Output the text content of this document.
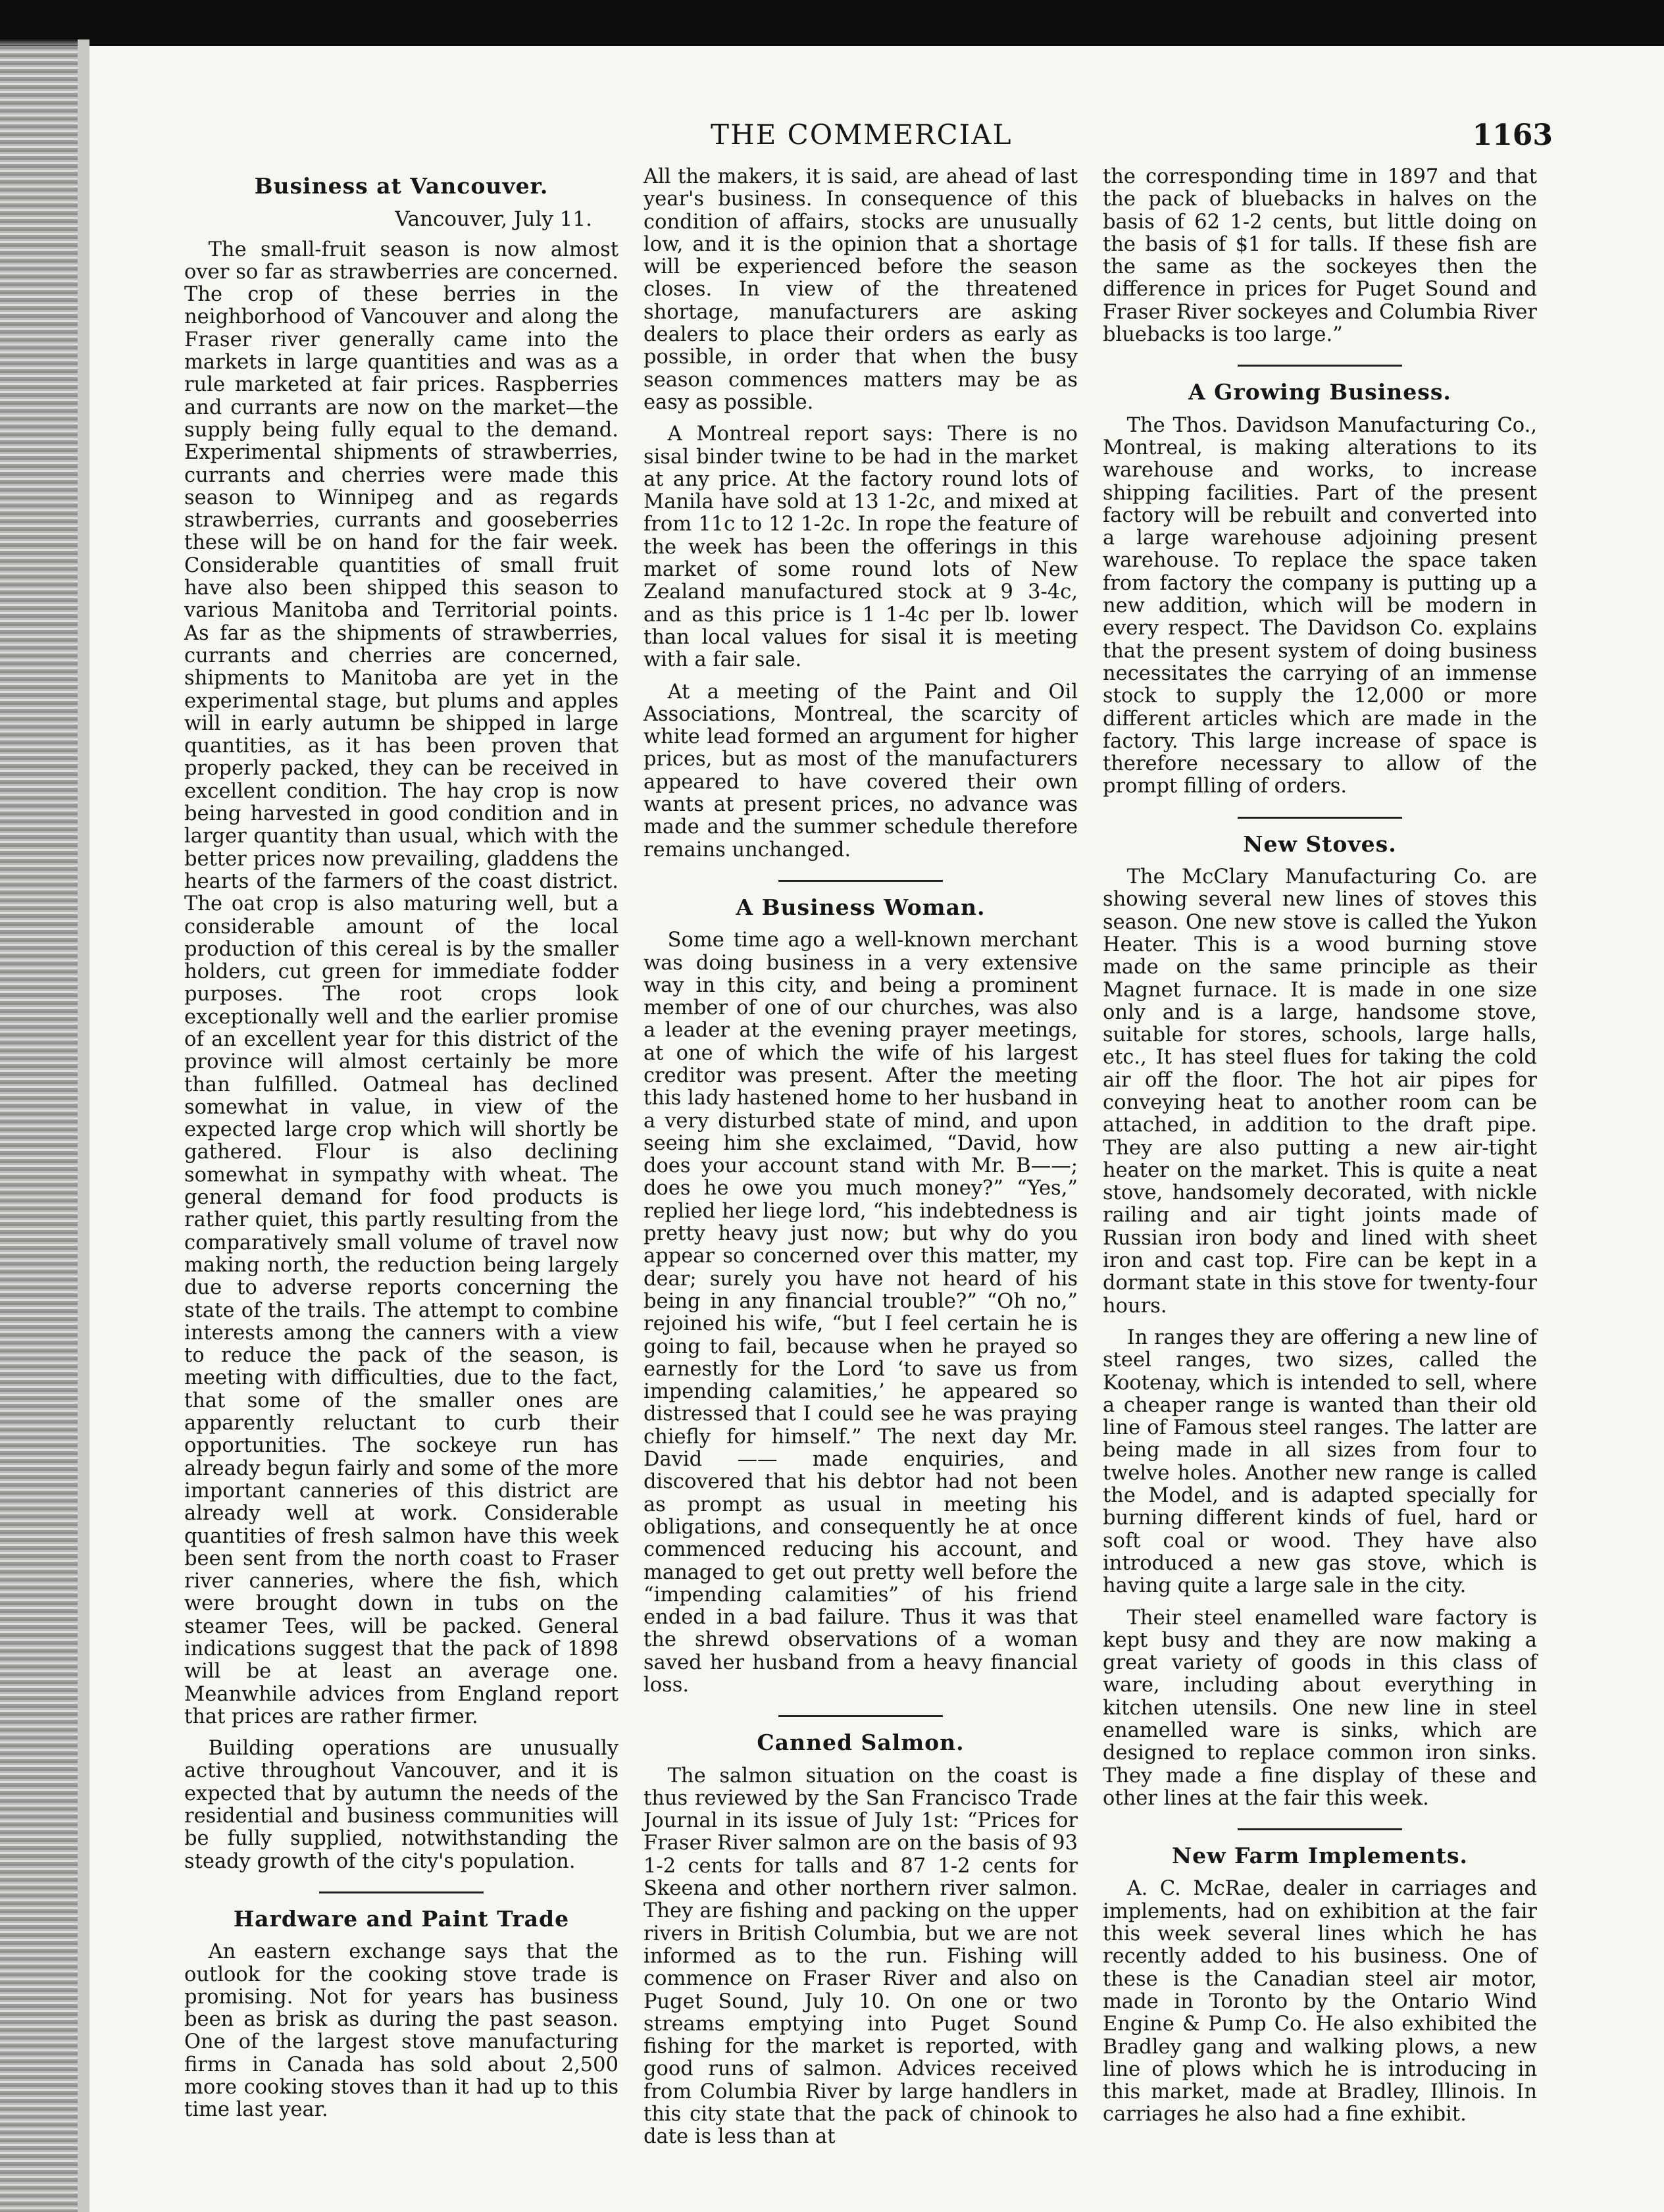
THE COMMERCIAL	1163
Business at Vancouver.
Vancouver, July 11.

The small-fruit season is now almost over so far as strawberries are concerned. The crop of these berries in the neighborhood of Vancouver and along the Fraser river generally came into the markets in large quantities and was as a rule marketed at fair prices. Raspberries and currants are now on the market—the supply being fully equal to the demand. Experimental shipments of strawberries, currants and cherries were made this season to Winnipeg and as regards strawberries, currants and gooseberries these will be on hand for the fair week. Considerable quantities of small fruit have also been shipped this season to various Manitoba and Territorial points. As far as the shipments of strawberries, currants and cherries are concerned, shipments to Manitoba are yet in the experimental stage, but plums and apples will in early autumn be shipped in large quantities, as it has been proven that properly packed, they can be received in excellent condition. The hay crop is now being harvested in good condition and in larger quantity than usual, which with the better prices now prevailing, gladdens the hearts of the farmers of the coast district. The oat crop is also maturing well, but a considerable amount of the local production of this cereal is by the smaller holders, cut green for immediate fodder purposes. The root crops look exceptionally well and the earlier promise of an excellent year for this district of the province will almost certainly be more than fulfilled. Oatmeal has declined somewhat in value, in view of the expected large crop which will shortly be gathered. Flour is also declining somewhat in sympathy with wheat. The general demand for food products is rather quiet, this partly resulting from the comparatively small volume of travel now making north, the reduction being largely due to adverse reports concerning the state of the trails. The attempt to combine interests among the canners with a view to reduce the pack of the season, is meeting with difficulties, due to the fact, that some of the smaller ones are apparently reluctant to curb their opportunities. The sockeye run has already begun fairly and some of the more important canneries of this district are already well at work. Considerable quantities of fresh salmon have this week been sent from the north coast to Fraser river canneries, where the fish, which were brought down in tubs on the steamer Tees, will be packed. General indications suggest that the pack of 1898 will be at least an average one. Meanwhile advices from England report that prices are rather firmer.

Building operations are unusually active throughout Vancouver, and it is expected that by autumn the needs of the residential and business communities will be fully supplied, notwithstanding the steady growth of the city's population.

Hardware and Paint Trade

An eastern exchange says that the outlook for the cooking stove trade is promising. Not for years has business been as brisk as during the past season. One of the largest stove manufacturing firms in Canada has sold about 2,500 more cooking stoves than it had up to this time last year.

All the makers, it is said, are ahead of last year's business. In consequence of this condition of affairs, stocks are unusually low, and it is the opinion that a shortage will be experienced before the season closes. In view of the threatened shortage, manufacturers are asking dealers to place their orders as early as possible, in order that when the busy season commences matters may be as easy as possible.

A Montreal report says: There is no sisal binder twine to be had in the market at any price. At the factory round lots of Manila have sold at 13 1-2c, and mixed at from 11c to 12 1-2c. In rope the feature of the week has been the offerings in this market of some round lots of New Zealand manufactured stock at 9 3-4c, and as this price is 1 1-4c per lb. lower than local values for sisal it is meeting with a fair sale.

At a meeting of the Paint and Oil Associations, Montreal, the scarcity of white lead formed an argument for higher prices, but as most of the manufacturers appeared to have covered their own wants at present prices, no advance was made and the summer schedule therefore remains unchanged.

A Business Woman.

Some time ago a well-known merchant was doing business in a very extensive way in this city, and being a prominent member of one of our churches, was also a leader at the evening prayer meetings, at one of which the wife of his largest creditor was present. After the meeting this lady hastened home to her husband in a very disturbed state of mind, and upon seeing him she exclaimed, “David, how does your account stand with Mr. B——; does he owe you much money?” “Yes,” replied her liege lord, “his indebtedness is pretty heavy just now; but why do you appear so concerned over this matter, my dear; surely you have not heard of his being in any financial trouble?” “Oh no,” rejoined his wife, “but I feel certain he is going to fail, because when he prayed so earnestly for the Lord ‘to save us from impending calamities,’ he appeared so distressed that I could see he was praying chiefly for himself.” The next day Mr. David —— made enquiries, and discovered that his debtor had not been as prompt as usual in meeting his obligations, and consequently he at once commenced reducing his account, and managed to get out pretty well before the “impending calamities” of his friend ended in a bad failure. Thus it was that the shrewd observations of a woman saved her husband from a heavy financial loss.

Canned Salmon.

The salmon situation on the coast is thus reviewed by the San Francisco Trade Journal in its issue of July 1st: “Prices for Fraser River salmon are on the basis of 93 1-2 cents for talls and 87 1-2 cents for Skeena and other northern river salmon. They are fishing and packing on the upper rivers in British Columbia, but we are not informed as to the run. Fishing will commence on Fraser River and also on Puget Sound, July 10. On one or two streams emptying into Puget Sound fishing for the market is reported, with good runs of salmon. Advices received from Columbia River by large handlers in this city state that the pack of chinook to date is less than at

the corresponding time in 1897 and that the pack of bluebacks in halves on the basis of 62 1-2 cents, but little doing on the basis of $1 for talls. If these fish are the same as the sockeyes then the difference in prices for Puget Sound and Fraser River sockeyes and Columbia River bluebacks is too large.”

A Growing Business.

The Thos. Davidson Manufacturing Co., Montreal, is making alterations to its warehouse and works, to increase shipping facilities. Part of the present factory will be rebuilt and converted into a large warehouse adjoining present warehouse. To replace the space taken from factory the company is putting up a new addition, which will be modern in every respect. The Davidson Co. explains that the present system of doing business necessitates the carrying of an immense stock to supply the 12,000 or more different articles which are made in the factory. This large increase of space is therefore necessary to allow of the prompt filling of orders.

New Stoves.

The McClary Manufacturing Co. are showing several new lines of stoves this season. One new stove is called the Yukon Heater. This is a wood burning stove made on the same principle as their Magnet furnace. It is made in one size only and is a large, handsome stove, suitable for stores, schools, large halls, etc., It has steel flues for taking the cold air off the floor. The hot air pipes for conveying heat to another room can be attached, in addition to the draft pipe. They are also putting a new air-tight heater on the market. This is quite a neat stove, handsomely decorated, with nickle railing and air tight joints made of Russian iron body and lined with sheet iron and cast top. Fire can be kept in a dormant state in this stove for twenty-four hours.

In ranges they are offering a new line of steel ranges, two sizes, called the Kootenay, which is intended to sell, where a cheaper range is wanted than their old line of Famous steel ranges. The latter are being made in all sizes from four to twelve holes. Another new range is called the Model, and is adapted specially for burning different kinds of fuel, hard or soft coal or wood. They have also introduced a new gas stove, which is having quite a large sale in the city.

Their steel enamelled ware factory is kept busy and they are now making a great variety of goods in this class of ware, including about everything in kitchen utensils. One new line in steel enamelled ware is sinks, which are designed to replace common iron sinks. They made a fine display of these and other lines at the fair this week.

New Farm Implements.

A. C. McRae, dealer in carriages and implements, had on exhibition at the fair this week several lines which he has recently added to his business. One of these is the Canadian steel air motor, made in Toronto by the Ontario Wind Engine & Pump Co. He also exhibited the Bradley gang and walking plows, a new line of plows which he is introducing in this market, made at Bradley, Illinois. In carriages he also had a fine exhibit.
